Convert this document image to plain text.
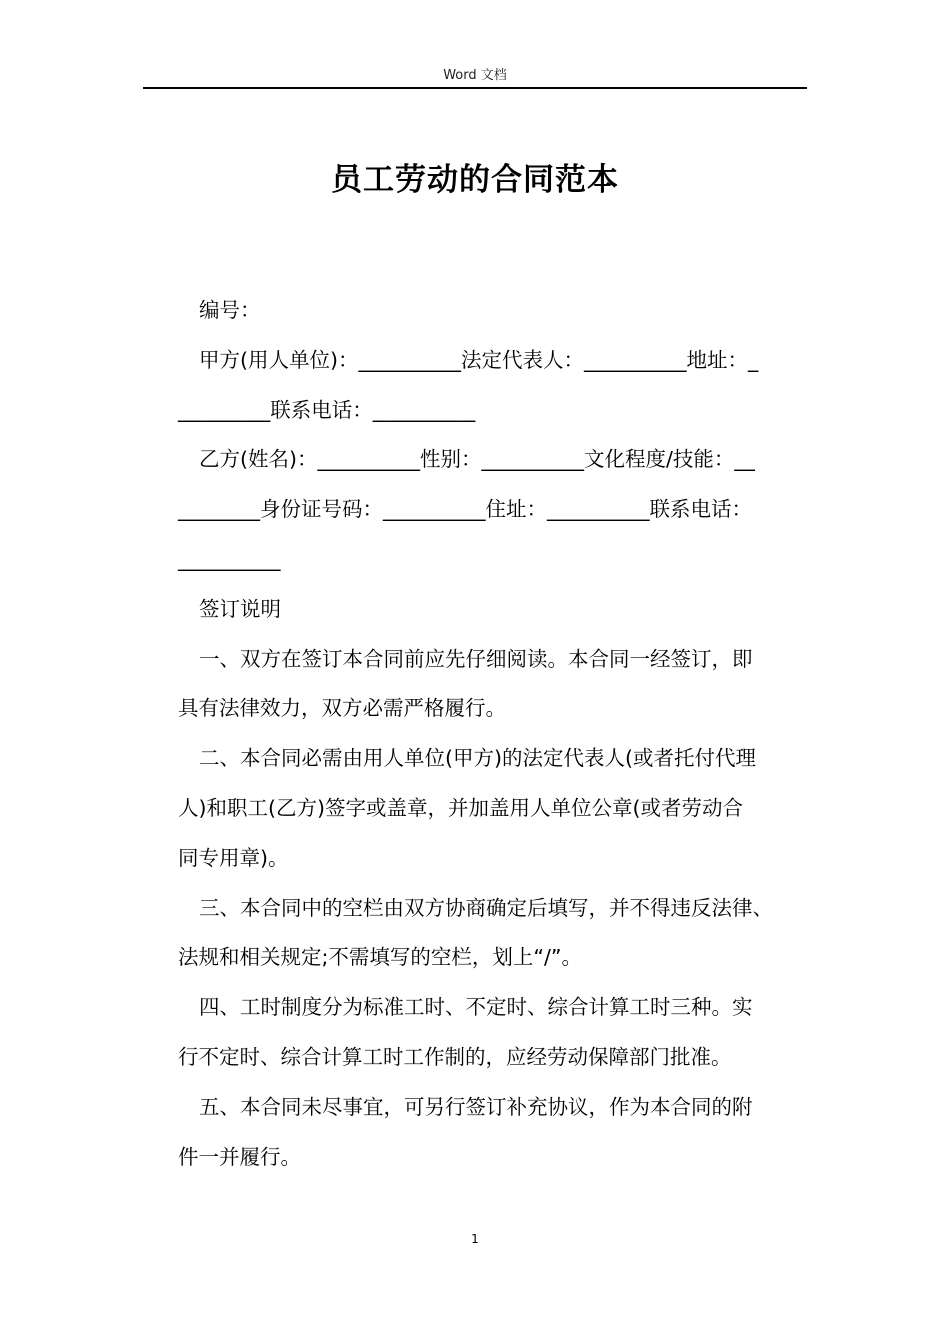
Word 文档
员工劳动的合同范本
编号：
甲方(用人单位)：__________法定代表人：__________地址：_
_________联系电话：__________
乙方(姓名)：__________性别：__________文化程度/技能：__
________身份证号码：__________住址：__________联系电话：
__________
签订说明
一、双方在签订本合同前应先仔细阅读。本合同一经签订，即
具有法律效力，双方必需严格履行。
二、本合同必需由用人单位(甲方)的法定代表人(或者托付代理
人)和职工(乙方)签字或盖章，并加盖用人单位公章(或者劳动合
同专用章)。
三、本合同中的空栏由双方协商确定后填写，并不得违反法律、
法规和相关规定;不需填写的空栏，划上“/”。
四、工时制度分为标准工时、不定时、综合计算工时三种。实
行不定时、综合计算工时工作制的，应经劳动保障部门批准。
五、本合同未尽事宜，可另行签订补充协议，作为本合同的附
件一并履行。
1
